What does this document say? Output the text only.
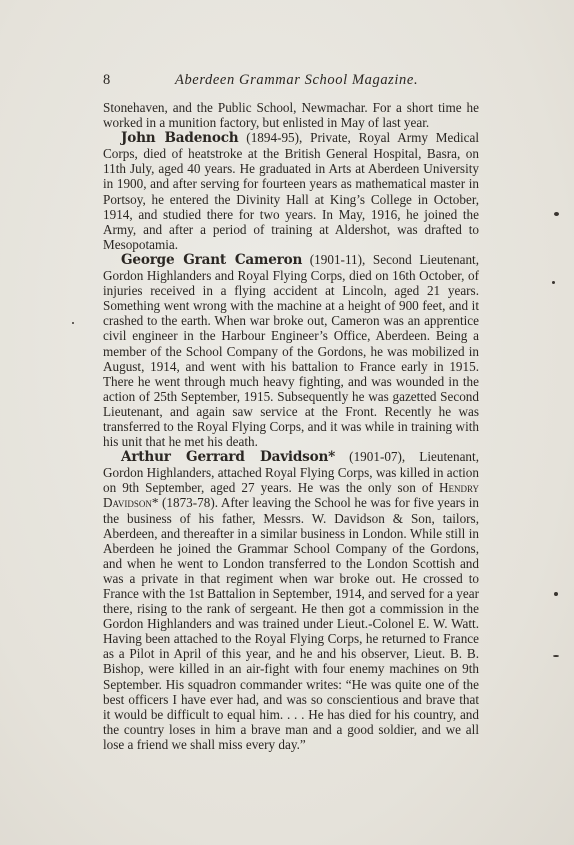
8	Aberdeen Grammar School Magazine.

Stonehaven, and the Public School, Newmachar. For a short time he worked in a munition factory, but enlisted in May of last year.

John Badenoch (1894-95), Private, Royal Army Medical Corps, died of heatstroke at the British General Hospital, Basra, on 11th July, aged 40 years. He graduated in Arts at Aberdeen University in 1900, and after serving for fourteen years as mathematical master in Portsoy, he entered the Divinity Hall at King’s College in October, 1914, and studied there for two years. In May, 1916, he joined the Army, and after a period of training at Aldershot, was drafted to Mesopotamia.

George Grant Cameron (1901-11), Second Lieutenant, Gordon Highlanders and Royal Flying Corps, died on 16th October, of injuries received in a flying accident at Lincoln, aged 21 years. Something went wrong with the machine at a height of 900 feet, and it crashed to the earth. When war broke out, Cameron was an apprentice civil engineer in the Harbour Engineer’s Office, Aberdeen. Being a member of the School Company of the Gordons, he was mobilized in August, 1914, and went with his battalion to France early in 1915. There he went through much heavy fighting, and was wounded in the action of 25th September, 1915. Subsequently he was gazetted Second Lieutenant, and again saw service at the Front. Recently he was transferred to the Royal Flying Corps, and it was while in training with his unit that he met his death.

Arthur Gerrard Davidson* (1901-07), Lieutenant, Gordon Highlanders, attached Royal Flying Corps, was killed in action on 9th September, aged 27 years. He was the only son of Hendry Davidson* (1873-78). After leaving the School he was for five years in the business of his father, Messrs. W. Davidson & Son, tailors, Aberdeen, and thereafter in a similar business in London. While still in Aberdeen he joined the Grammar School Company of the Gordons, and when he went to London transferred to the London Scottish and was a private in that regiment when war broke out. He crossed to France with the 1st Battalion in September, 1914, and served for a year there, rising to the rank of sergeant. He then got a commission in the Gordon Highlanders and was trained under Lieut.-Colonel E. W. Watt. Having been attached to the Royal Flying Corps, he returned to France as a Pilot in April of this year, and he and his observer, Lieut. B. B. Bishop, were killed in an air-fight with four enemy machines on 9th September. His squadron commander writes: “He was quite one of the best officers I have ever had, and was so conscientious and brave that it would be difficult to equal him. . . . He has died for his country, and the country loses in him a brave man and a good soldier, and we all lose a friend we shall miss every day.”
